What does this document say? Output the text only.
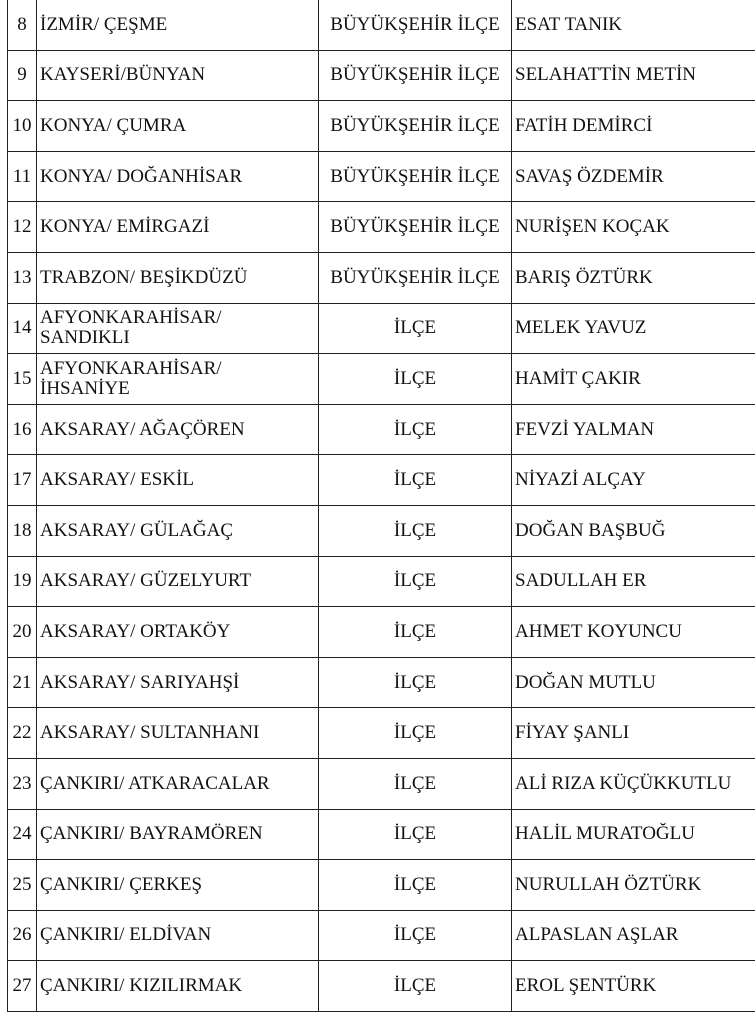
8	İZMİR/ ÇEŞME	BÜYÜKŞEHİR İLÇE	ESAT TANIK
9	KAYSERİ/BÜNYAN	BÜYÜKŞEHİR İLÇE	SELAHATTİN METİN
10	KONYA/ ÇUMRA	BÜYÜKŞEHİR İLÇE	FATİH DEMİRCİ
11	KONYA/ DOĞANHİSAR	BÜYÜKŞEHİR İLÇE	SAVAŞ ÖZDEMİR
12	KONYA/ EMİRGAZİ	BÜYÜKŞEHİR İLÇE	NURİŞEN KOÇAK
13	TRABZON/ BEŞİKDÜZÜ	BÜYÜKŞEHİR İLÇE	BARIŞ ÖZTÜRK
14	AFYONKARAHİSAR/ SANDIKLI	İLÇE	MELEK YAVUZ
15	AFYONKARAHİSAR/ İHSANİYE	İLÇE	HAMİT ÇAKIR
16	AKSARAY/ AĞAÇÖREN	İLÇE	FEVZİ YALMAN
17	AKSARAY/ ESKİL	İLÇE	NİYAZİ ALÇAY
18	AKSARAY/ GÜLAĞAÇ	İLÇE	DOĞAN BAŞBUĞ
19	AKSARAY/ GÜZELYURT	İLÇE	SADULLAH ER
20	AKSARAY/ ORTAKÖY	İLÇE	AHMET KOYUNCU
21	AKSARAY/ SARIYAHŞİ	İLÇE	DOĞAN MUTLU
22	AKSARAY/ SULTANHANI	İLÇE	FİYAY ŞANLI
23	ÇANKIRI/ ATKARACALAR	İLÇE	ALİ RIZA KÜÇÜKKUTLU
24	ÇANKIRI/ BAYRAMÖREN	İLÇE	HALİL MURATOĞLU
25	ÇANKIRI/ ÇERKEŞ	İLÇE	NURULLAH ÖZTÜRK
26	ÇANKIRI/ ELDİVAN	İLÇE	ALPASLAN AŞLAR
27	ÇANKIRI/ KIZILIRMAK	İLÇE	EROL ŞENTÜRK
